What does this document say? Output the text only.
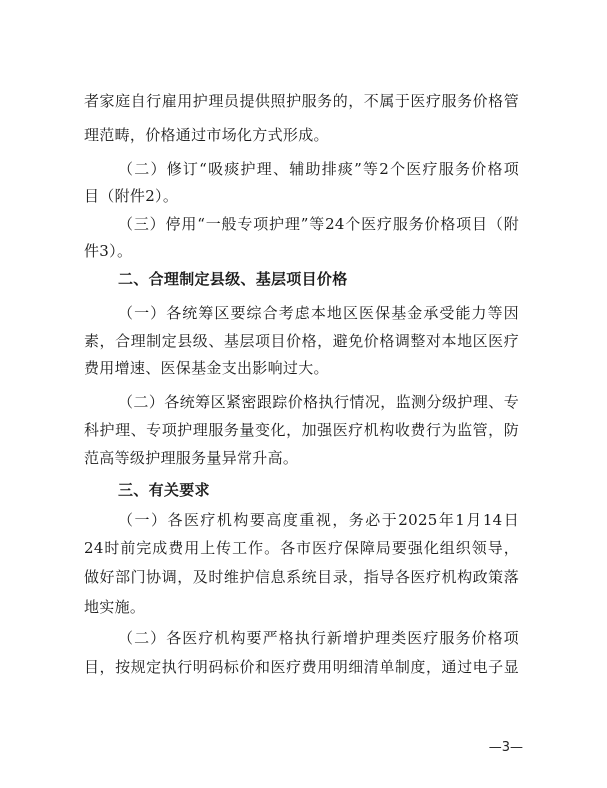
者家庭自行雇用护理员提供照护服务的，不属于医疗服务价格管
理范畴，价格通过市场化方式形成。
（二）修订“吸痰护理、辅助排痰”等2个医疗服务价格项
目（附件2）。
（三）停用“一般专项护理”等24个医疗服务价格项目（附
件3）。
二、合理制定县级、基层项目价格
（一）各统筹区要综合考虑本地区医保基金承受能力等因
素，合理制定县级、基层项目价格，避免价格调整对本地区医疗
费用增速、医保基金支出影响过大。
（二）各统筹区紧密跟踪价格执行情况，监测分级护理、专
科护理、专项护理服务量变化，加强医疗机构收费行为监管，防
范高等级护理服务量异常升高。
三、有关要求
（一）各医疗机构要高度重视，务必于2025年1月14日
24时前完成费用上传工作。各市医疗保障局要强化组织领导，
做好部门协调，及时维护信息系统目录，指导各医疗机构政策落
地实施。
（二）各医疗机构要严格执行新增护理类医疗服务价格项
目，按规定执行明码标价和医疗费用明细清单制度，通过电子显
—3—
